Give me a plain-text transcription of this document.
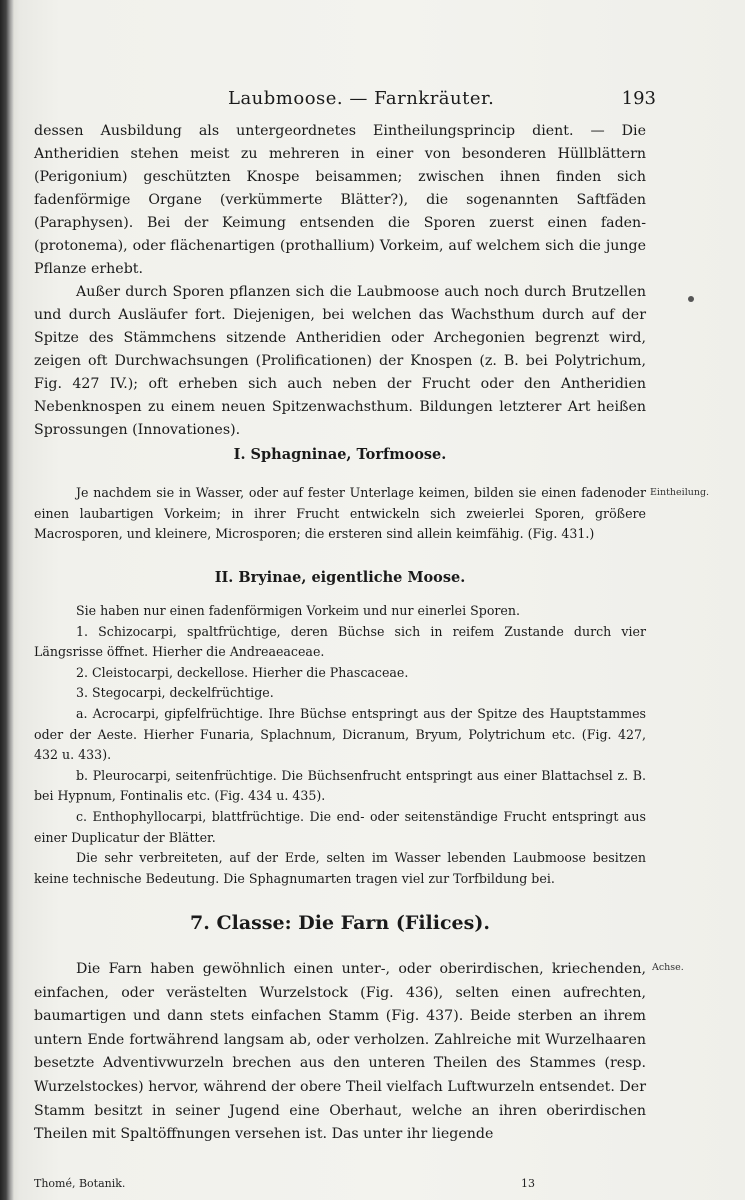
Laubmoose. — Farnkräuter.	193

dessen Ausbildung als untergeordnetes Eintheilungsprincip dient. — Die Antheridien stehen meist zu mehreren in einer von besonderen Hüllblättern (Perigonium) geschützten Knospe beisammen; zwischen ihnen finden sich fadenförmige Organe (verkümmerte Blätter?), die sogenannten Saftfäden (Paraphysen). Bei der Keimung entsenden die Sporen zuerst einen faden- (protonema), oder flächenartigen (prothallium) Vorkeim, auf welchem sich die junge Pflanze erhebt.

Außer durch Sporen pflanzen sich die Laubmoose auch noch durch Brutzellen und durch Ausläufer fort. Diejenigen, bei welchen das Wachsthum durch auf der Spitze des Stämmchens sitzende Antheridien oder Archegonien begrenzt wird, zeigen oft Durchwachsungen (Prolificationen) der Knospen (z. B. bei Polytrichum, Fig. 427 IV.); oft erheben sich auch neben der Frucht oder den Antheridien Nebenknospen zu einem neuen Spitzenwachsthum. Bildungen letzterer Art heißen Sprossungen (Innovationes).

I. Sphagninae, Torfmoose.

Je nachdem sie in Wasser, oder auf fester Unterlage keimen, bilden sie einen fadenoder einen laubartigen Vorkeim; in ihrer Frucht entwickeln sich zweierlei Sporen, größere Macrosporen, und kleinere, Microsporen; die ersteren sind allein keimfähig. (Fig. 431.)

Eintheilung.
II. Bryinae, eigentliche Moose.

Sie haben nur einen fadenförmigen Vorkeim und nur einerlei Sporen.

1. Schizocarpi, spaltfrüchtige, deren Büchse sich in reifem Zustande durch vier Längsrisse öffnet. Hierher die Andreaeaceae.

2. Cleistocarpi, deckellose. Hierher die Phascaceae.

3. Stegocarpi, deckelfrüchtige.

a. Acrocarpi, gipfelfrüchtige. Ihre Büchse entspringt aus der Spitze des Hauptstammes oder der Aeste. Hierher Funaria, Splachnum, Dicranum, Bryum, Polytrichum etc. (Fig. 427, 432 u. 433).

b. Pleurocarpi, seitenfrüchtige. Die Büchsenfrucht entspringt aus einer Blattachsel z. B. bei Hypnum, Fontinalis etc. (Fig. 434 u. 435).

c. Enthophyllocarpi, blattfrüchtige. Die end- oder seitenständige Frucht entspringt aus einer Duplicatur der Blätter.

Die sehr verbreiteten, auf der Erde, selten im Wasser lebenden Laubmoose besitzen keine technische Bedeutung. Die Sphagnumarten tragen viel zur Torfbildung bei.

7. Classe: Die Farn (Filices).

Die Farn haben gewöhnlich einen unter-, oder oberirdischen, kriechenden, einfachen, oder verästelten Wurzelstock (Fig. 436), selten einen aufrechten, baumartigen und dann stets einfachen Stamm (Fig. 437). Beide sterben an ihrem untern Ende fortwährend langsam ab, oder verholzen. Zahlreiche mit Wurzelhaaren besetzte Adventivwurzeln brechen aus den unteren Theilen des Stammes (resp. Wurzelstockes) hervor, während der obere Theil vielfach Luftwurzeln entsendet. Der Stamm besitzt in seiner Jugend eine Oberhaut, welche an ihren oberirdischen Theilen mit Spaltöffnungen versehen ist. Das unter ihr liegende

Achse.
Thomé, Botanik.	13
